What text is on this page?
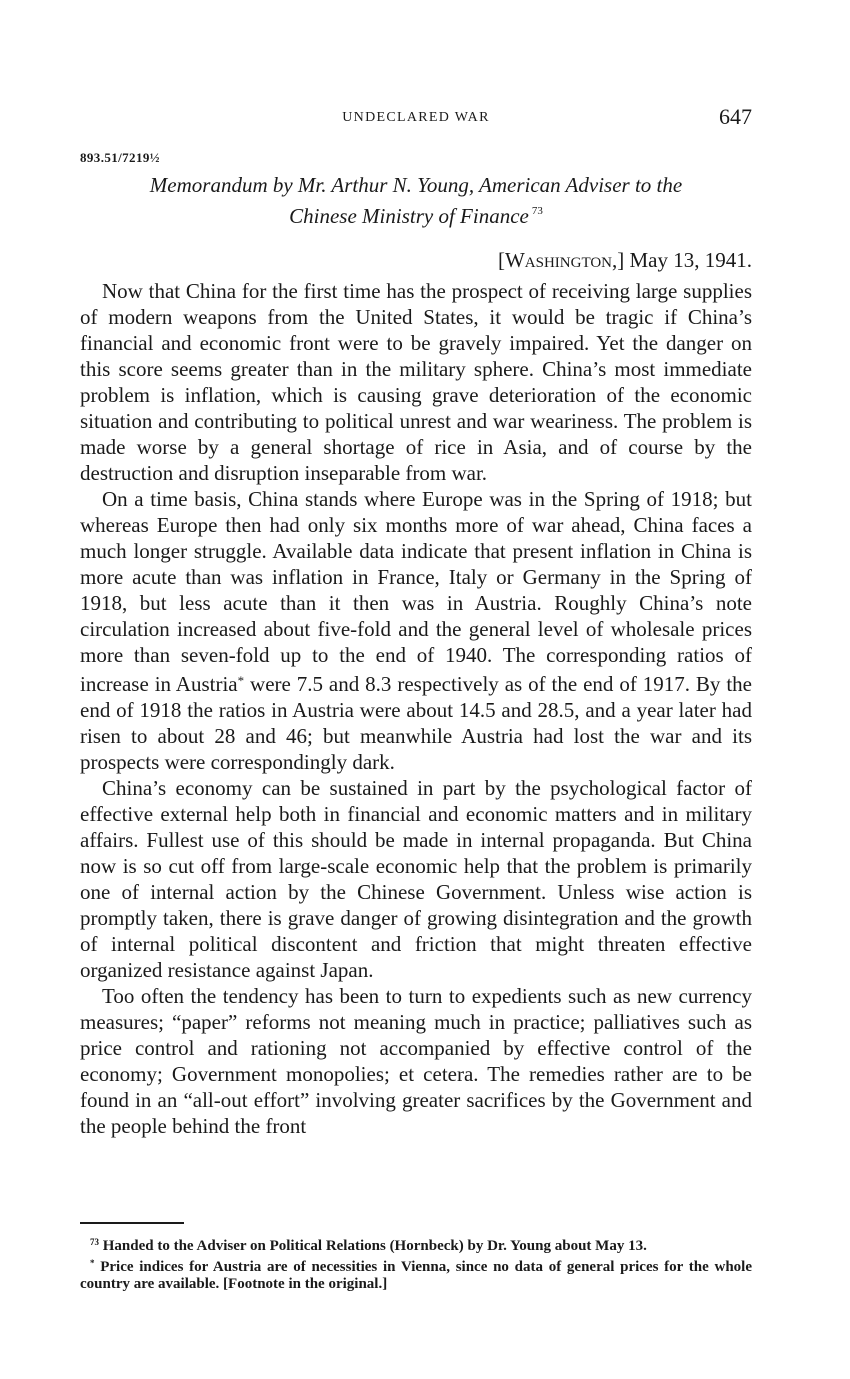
UNDECLARED WAR	647
893.51/7219½
Memorandum by Mr. Arthur N. Young, American Adviser to the
Chinese Ministry of Finance $^{73}$
[Washington,] May 13, 1941.

Now that China for the first time has the prospect of receiving large supplies of modern weapons from the United States, it would be tragic if China’s financial and economic front were to be gravely impaired. Yet the danger on this score seems greater than in the military sphere. China’s most immediate problem is inflation, which is causing grave deterioration of the economic situation and contributing to political unrest and war weariness. The problem is made worse by a general shortage of rice in Asia, and of course by the destruction and disruption inseparable from war.

On a time basis, China stands where Europe was in the Spring of 1918; but whereas Europe then had only six months more of war ahead, China faces a much longer struggle. Available data indicate that present inflation in China is more acute than was inflation in France, Italy or Germany in the Spring of 1918, but less acute than it then was in Austria. Roughly China’s note circulation increased about five-fold and the general level of wholesale prices more than seven-fold up to the end of 1940. The corresponding ratios of increase in Austria* were 7.5 and 8.3 respectively as of the end of 1917. By the end of 1918 the ratios in Austria were about 14.5 and 28.5, and a year later had risen to about 28 and 46; but meanwhile Austria had lost the war and its prospects were correspondingly dark.

China’s economy can be sustained in part by the psychological factor of effective external help both in financial and economic matters and in military affairs. Fullest use of this should be made in internal propaganda. But China now is so cut off from large-scale economic help that the problem is primarily one of internal action by the Chinese Government. Unless wise action is promptly taken, there is grave danger of growing disintegration and the growth of internal political discontent and friction that might threaten effective organized resistance against Japan.

Too often the tendency has been to turn to expedients such as new currency measures; “paper” reforms not meaning much in practice; palliatives such as price control and rationing not accompanied by effective control of the economy; Government monopolies; et cetera. The remedies rather are to be found in an “all-out effort” involving greater sacrifices by the Government and the people behind the front

$^{73}$ Handed to the Adviser on Political Relations (Hornbeck) by Dr. Young about May 13.

* Price indices for Austria are of necessities in Vienna, since no data of general prices for the whole country are available. [Footnote in the original.]
